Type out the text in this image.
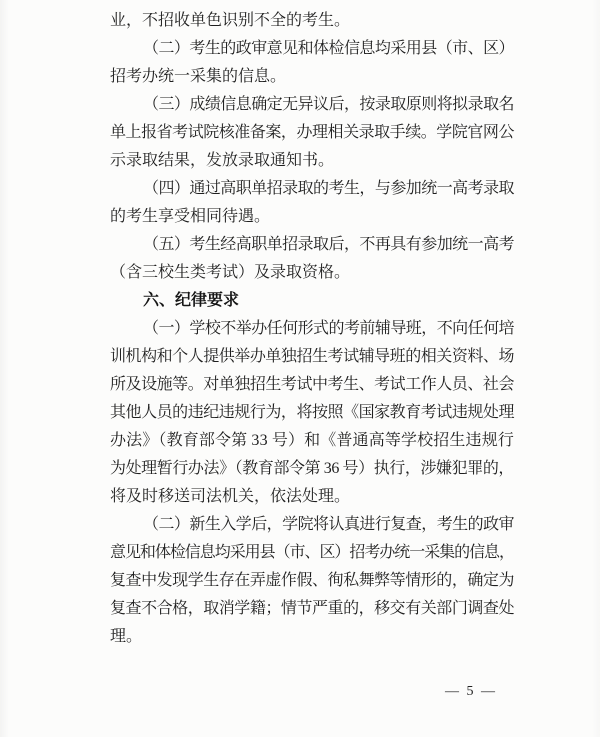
业，不招收单色识别不全的考生。
（二）考生的政审意见和体检信息均采用县（市、区）
招考办统一采集的信息。
（三）成绩信息确定无异议后，按录取原则将拟录取名
单上报省考试院核准备案，办理相关录取手续。学院官网公
示录取结果，发放录取通知书。
（四）通过高职单招录取的考生，与参加统一高考录取
的考生享受相同待遇。
（五）考生经高职单招录取后，不再具有参加统一高考
（含三校生类考试）及录取资格。
六、纪律要求
（一）学校不举办任何形式的考前辅导班，不向任何培
训机构和个人提供举办单独招生考试辅导班的相关资料、场
所及设施等。对单独招生考试中考生、考试工作人员、社会
其他人员的违纪违规行为，将按照《国家教育考试违规处理
办法》（教育部令第 33 号）和《普通高等学校招生违规行
为处理暂行办法》（教育部令第 36 号）执行，涉嫌犯罪的，
将及时移送司法机关，依法处理。
（二）新生入学后，学院将认真进行复查，考生的政审
意见和体检信息均采用县（市、区）招考办统一采集的信息，
复查中发现学生存在弄虚作假、徇私舞弊等情形的，确定为
复查不合格，取消学籍；情节严重的，移交有关部门调查处
理。
— 5 —
